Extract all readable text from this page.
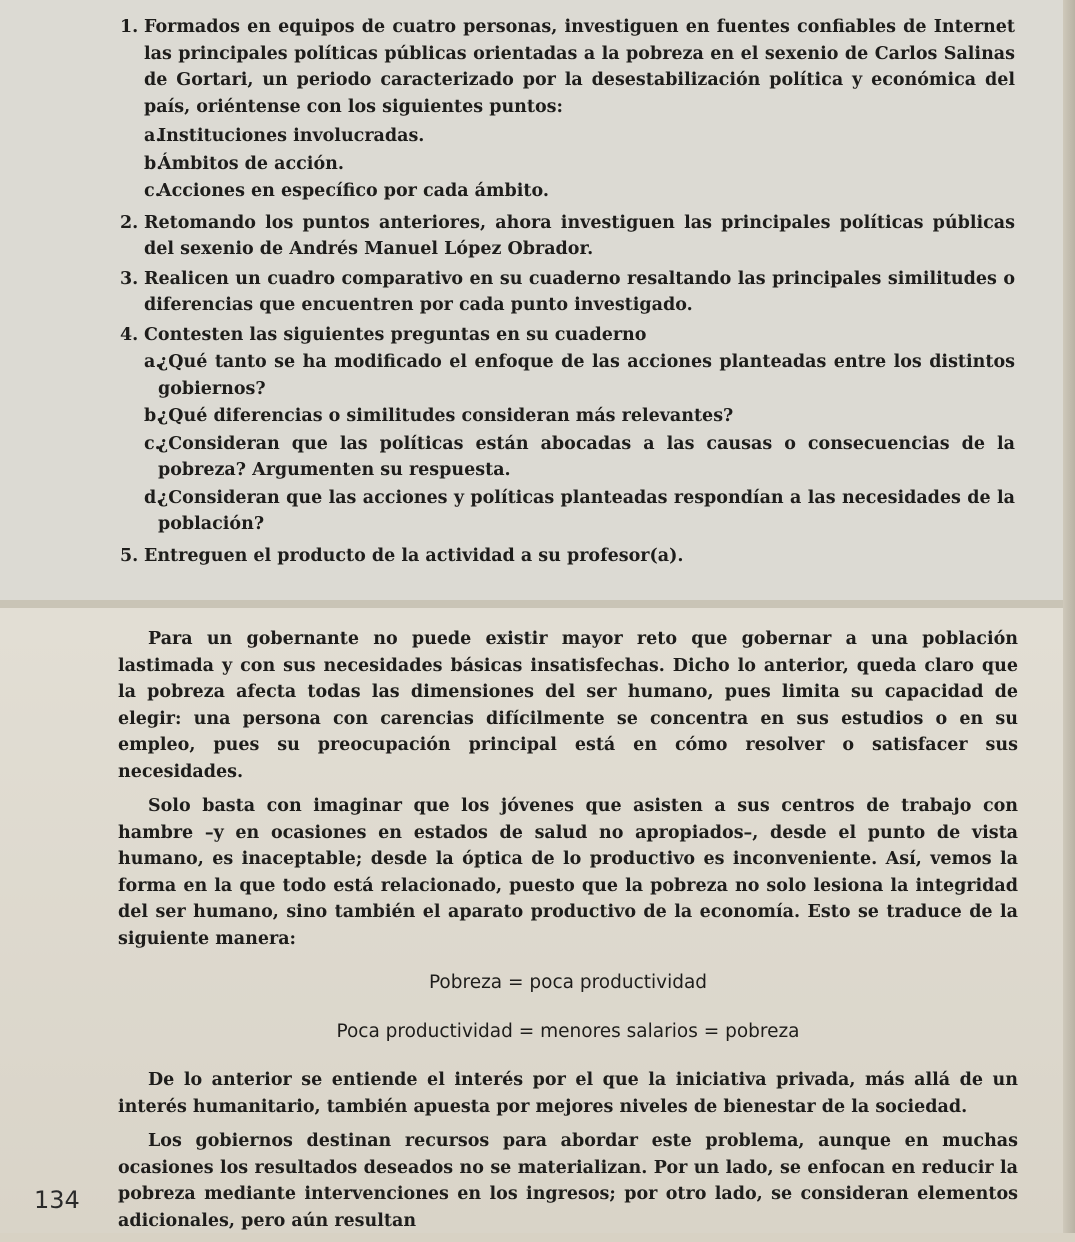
1. Formados en equipos de cuatro personas, investiguen en fuentes confiables de Internet las principales políticas públicas orientadas a la pobreza en el sexenio de Carlos Salinas de Gortari, un periodo caracterizado por la desestabilización política y económica del país, oriéntense con los siguientes puntos:
a.
Instituciones involucradas.
b.
Ámbitos de acción.
c.
Acciones en específico por cada ámbito.
2. Retomando los puntos anteriores, ahora investiguen las principales políticas públicas del sexenio de Andrés Manuel López Obrador.
3. Realicen un cuadro comparativo en su cuaderno resaltando las principales similitudes o diferencias que encuentren por cada punto investigado.
4. Contesten las siguientes preguntas en su cuaderno
a.
¿Qué tanto se ha modificado el enfoque de las acciones planteadas entre los distintos gobiernos?
b.
¿Qué diferencias o similitudes consideran más relevantes?
c.
¿Consideran que las políticas están abocadas a las causas o consecuencias de la pobreza? Argumenten su respuesta.
d.
¿Consideran que las acciones y políticas planteadas respondían a las necesidades de la población?
5. Entreguen el producto de la actividad a su profesor(a).

Para un gobernante no puede existir mayor reto que gobernar a una población lastimada y con sus necesidades básicas insatisfechas. Dicho lo anterior, queda claro que la pobreza afecta todas las dimensiones del ser humano, pues limita su capacidad de elegir: una persona con carencias difícilmente se concentra en sus estudios o en su empleo, pues su preocupación principal está en cómo resolver o satisfacer sus necesidades.

Solo basta con imaginar que los jóvenes que asisten a sus centros de trabajo con hambre –y en ocasiones en estados de salud no apropiados–, desde el punto de vista humano, es inaceptable; desde la óptica de lo productivo es inconveniente. Así, vemos la forma en la que todo está relacionado, puesto que la pobreza no solo lesiona la integridad del ser humano, sino también el aparato productivo de la economía. Esto se traduce de la siguiente manera:

Pobreza = poca productividad
Poca productividad = menores salarios = pobreza

De lo anterior se entiende el interés por el que la iniciativa privada, más allá de un interés humanitario, también apuesta por mejores niveles de bienestar de la sociedad.

Los gobiernos destinan recursos para abordar este problema, aunque en muchas ocasiones los resultados deseados no se materializan. Por un lado, se enfocan en reducir la pobreza mediante intervenciones en los ingresos; por otro lado, se consideran elementos adicionales, pero aún resultan

134
